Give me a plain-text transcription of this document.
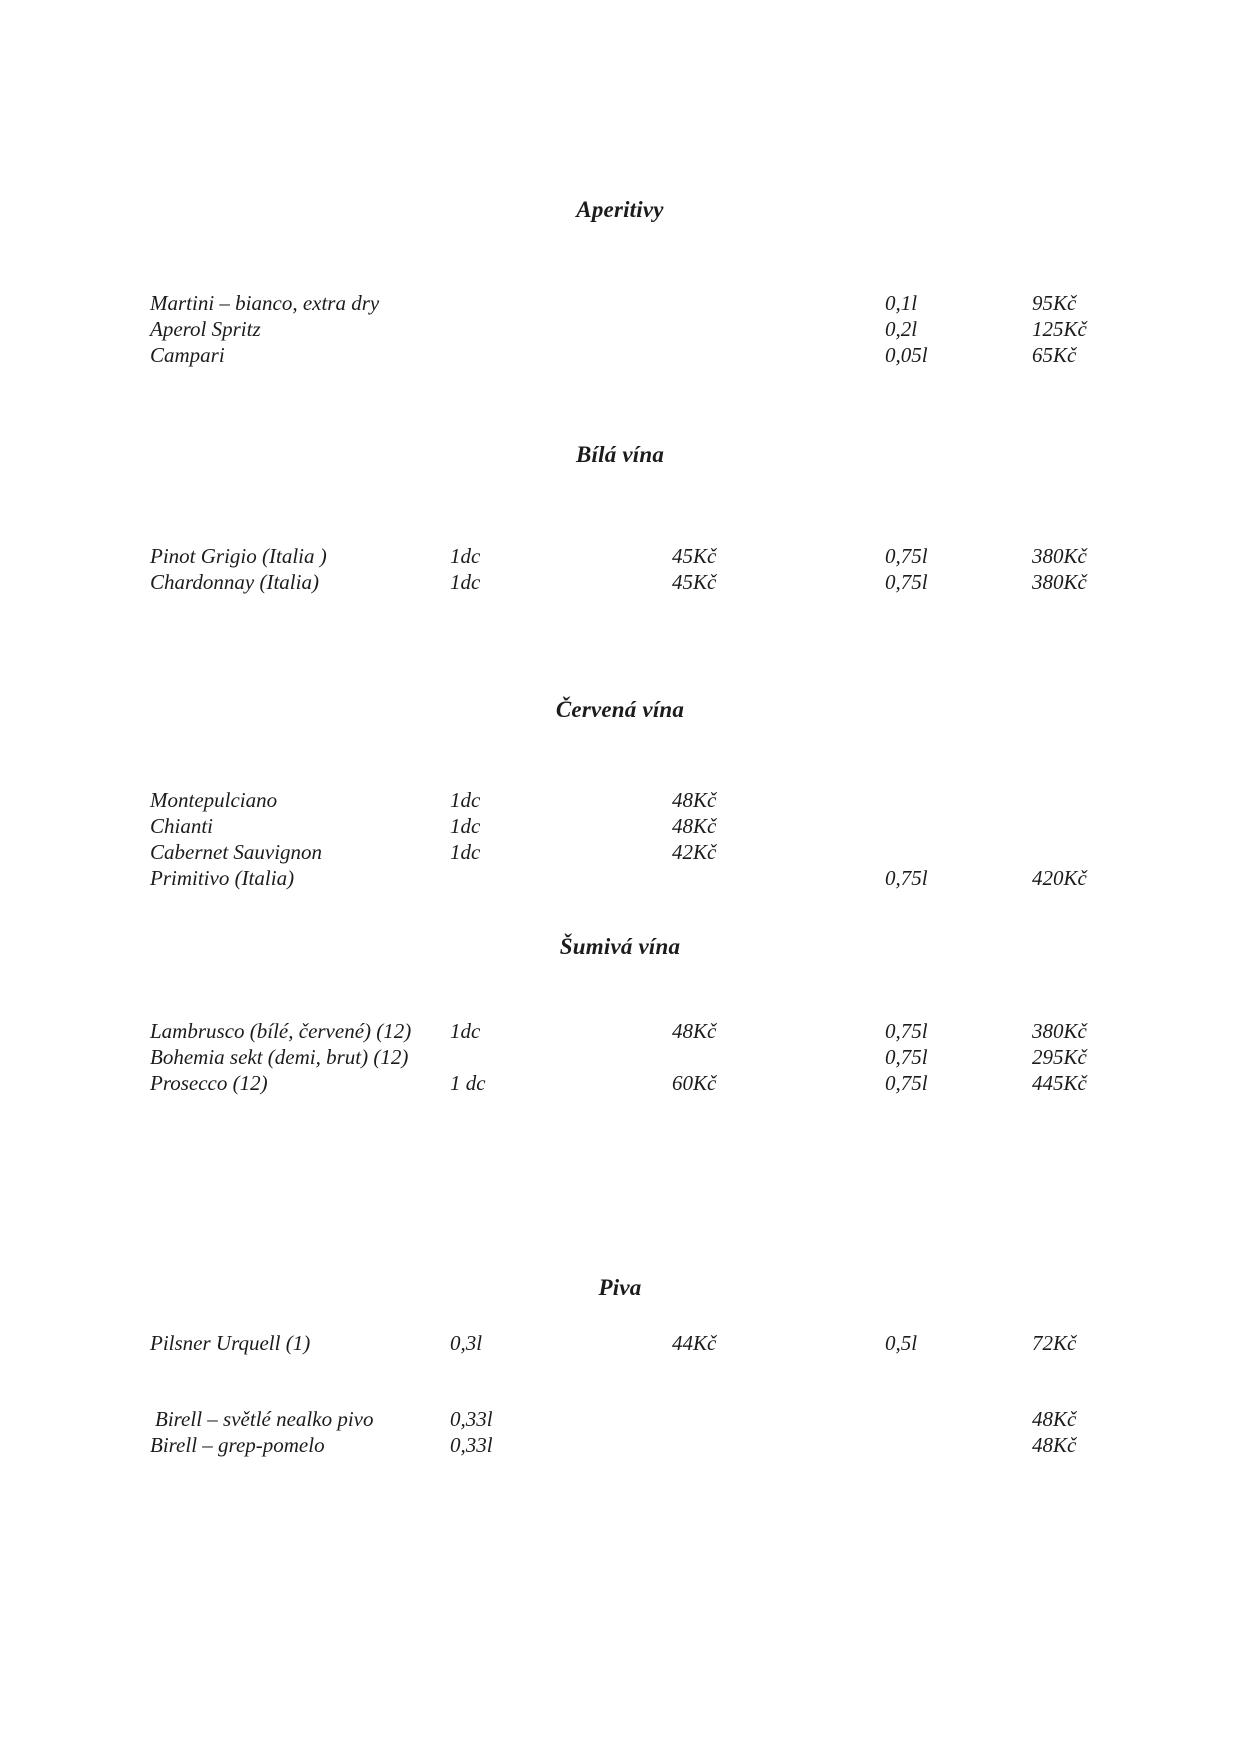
Aperitivy
Martini – bianco, extra dry	0,1l	95Kč
Aperol Spritz	0,2l	125Kč
Campari	0,05l	65Kč
Bílá vína
Pinot Grigio (Italia )	1dc	45Kč	0,75l	380Kč
Chardonnay (Italia)	1dc	45Kč	0,75l	380Kč
Červená vína
Montepulciano	1dc	48Kč
Chianti	1dc	48Kč
Cabernet Sauvignon	1dc	42Kč
Primitivo (Italia)	0,75l	420Kč
Šumivá vína
Lambrusco (bílé, červené) (12)	1dc	48Kč	0,75l	380Kč
Bohemia sekt (demi, brut) (12)	0,75l	295Kč
Prosecco (12)	1 dc	60Kč	0,75l	445Kč
Piva
Pilsner Urquell (1)	0,3l	44Kč	0,5l	72Kč
Birell – světlé nealko pivo	0,33l	48Kč
Birell – grep-pomelo	0,33l	48Kč
